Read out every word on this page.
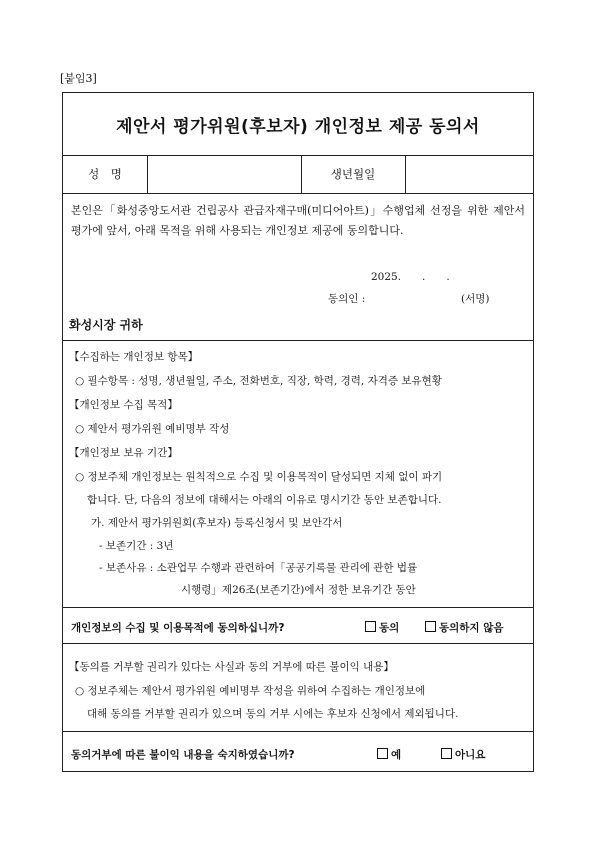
[붙임3]
제안서 평가위원(후보자) 개인정보 제공 동의서
성　명	생년월일
본인은「화성중앙도서관 건립공사 관급자재구매(미디어아트)」수행업체 선정을 위한 제안서 평가에 앞서, 아래 목적을 위해 사용되는 개인정보 제공에 동의합니다.
2025.　　.　　.
동의인 :	(서명)
화성시장 귀하
【수집하는 개인정보 항목】
○ 필수항목 : 성명, 생년월일, 주소, 전화번호, 직장, 학력, 경력, 자격증 보유현황
【개인정보 수집 목적】
○ 제안서 평가위원 예비명부 작성
【개인정보 보유 기간】
○ 정보주체 개인정보는 원칙적으로 수집 및 이용목적이 달성되면 지체 없이 파기
합니다. 단, 다음의 정보에 대해서는 아래의 이유로 명시기간 동안 보존합니다.
가. 제안서 평가위원회(후보자) 등록신청서 및 보안각서
- 보존기간 : 3년
- 보존사유 : 소관업무 수행과 관련하여「공공기록물 관리에 관한 법률
시행령」제26조(보존기간)에서 정한 보유기간 동안
개인정보의 수집 및 이용목적에 동의하십니까?	동의	동의하지 않음
【동의를 거부할 권리가 있다는 사실과 동의 거부에 따른 불이익 내용】
○ 정보주체는 제안서 평가위원 예비명부 작성을 위하여 수집하는 개인정보에
대해 동의를 거부할 권리가 있으며 동의 거부 시에는 후보자 신청에서 제외됩니다.
동의거부에 따른 불이익 내용을 숙지하였습니까?	예	아니요
